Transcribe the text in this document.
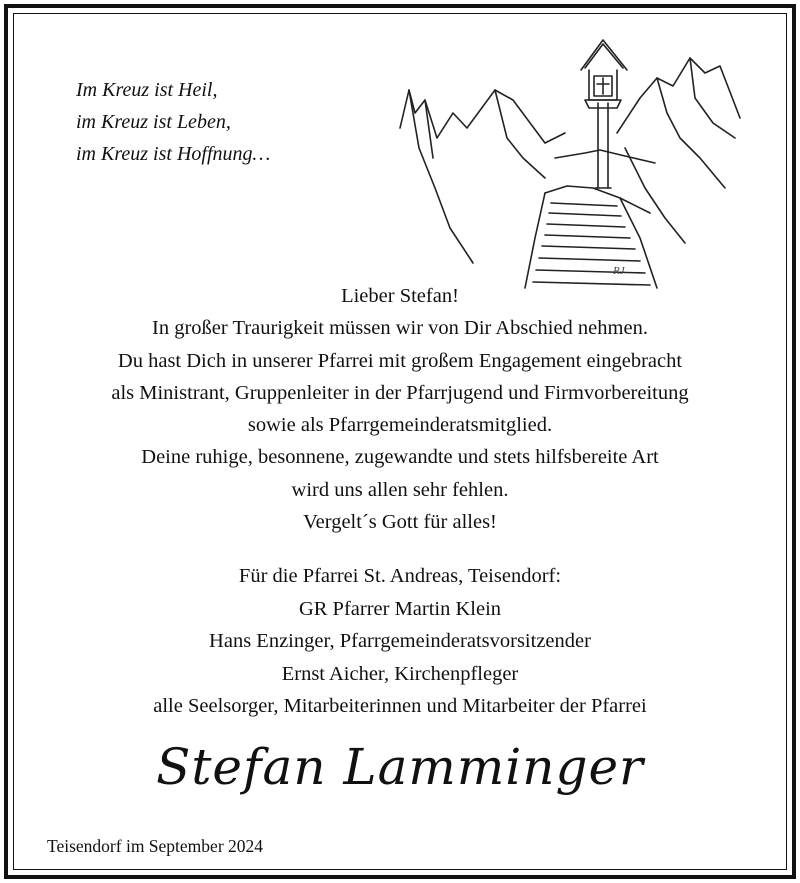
Im Kreuz ist Heil,
im Kreuz ist Leben,
im Kreuz ist Hoffnung…
RJ
Lieber Stefan!
In großer Traurigkeit müssen wir von Dir Abschied nehmen.
Du hast Dich in unserer Pfarrei mit großem Engagement eingebracht
als Ministrant, Gruppenleiter in der Pfarrjugend und Firmvorbereitung
sowie als Pfarrgemeinderatsmitglied.
Deine ruhige, besonnene, zugewandte und stets hilfsbereite Art
wird uns allen sehr fehlen.
Vergelt´s Gott für alles!
Für die Pfarrei St. Andreas, Teisendorf:
GR Pfarrer Martin Klein
Hans Enzinger, Pfarrgemeinderatsvorsitzender
Ernst Aicher, Kirchenpfleger
alle Seelsorger, Mitarbeiterinnen und Mitarbeiter der Pfarrei
Stefan Lamminger
Teisendorf im September 2024
